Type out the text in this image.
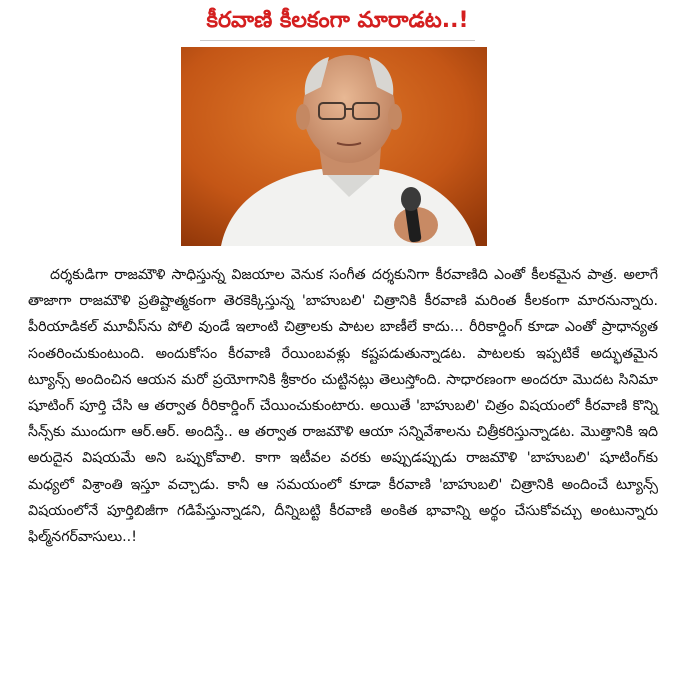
కీరవాణి కీలకంగా మారాడట..!

దర్శకుడిగా రాజమౌళి సాధిస్తున్న విజయాల వెనుక సంగీత దర్శకునిగా కీరవాణిది ఎంతో కీలకమైన పాత్ర. అలాగే తాజాగా రాజమౌళి ప్రతిష్టాత్మకంగా తెరకెక్కిస్తున్న 'బాహుబలి' చిత్రానికి కీరవాణి మరింత కీలకంగా మారనున్నారు. పీరియాడికల్ మూవీస్‌ను పోలి వుండే ఇలాంటి చిత్రాలకు పాటల బాణీలే కాదు... రీరికార్డింగ్ కూడా ఎంతో ప్రాధాన్యత సంతరించుకుంటుంది. అందుకోసం కీరవాణి రేయింబవళ్లు కష్టపడుతున్నాడట. పాటలకు ఇప్పటికే అద్భుతమైన ట్యూన్స్ అందించిన ఆయన మరో ప్రయోగానికి శ్రీకారం చుట్టినట్లు తెలుస్తోంది. సాధారణంగా అందరూ మొదట సినిమా షూటింగ్ పూర్తి చేసి ఆ తర్వాత రీరికార్డింగ్ చేయించుకుంటారు. అయితే 'బాహుబలి' చిత్రం విషయంలో కీరవాణి కొన్ని సీన్స్‌కు ముందుగా ఆర్.ఆర్. అందిస్తే.. ఆ తర్వాత రాజమౌళి ఆయా సన్నివేశాలను చిత్రీకరిస్తున్నాడట. మొత్తానికి ఇది అరుదైన విషయమే అని ఒప్పుకోవాలి. కాగా ఇటీవల వరకు అప్పుడప్పుడు రాజమౌళి 'బాహుబలి' షూటింగ్‌కు మధ్యలో విశ్రాంతి ఇస్తూ వచ్చాడు. కానీ ఆ సమయంలో కూడా కీరవాణి 'బాహుబలి' చిత్రానికి అందించే ట్యూన్స్ విషయంలోనే పూర్తిబిజీగా గడిపేస్తున్నాడని, దీన్నిబట్టి కీరవాణి అంకిత భావాన్ని అర్థం చేసుకోవచ్చు అంటున్నారు ఫిల్మ్‌నగర్‌వాసులు..!
